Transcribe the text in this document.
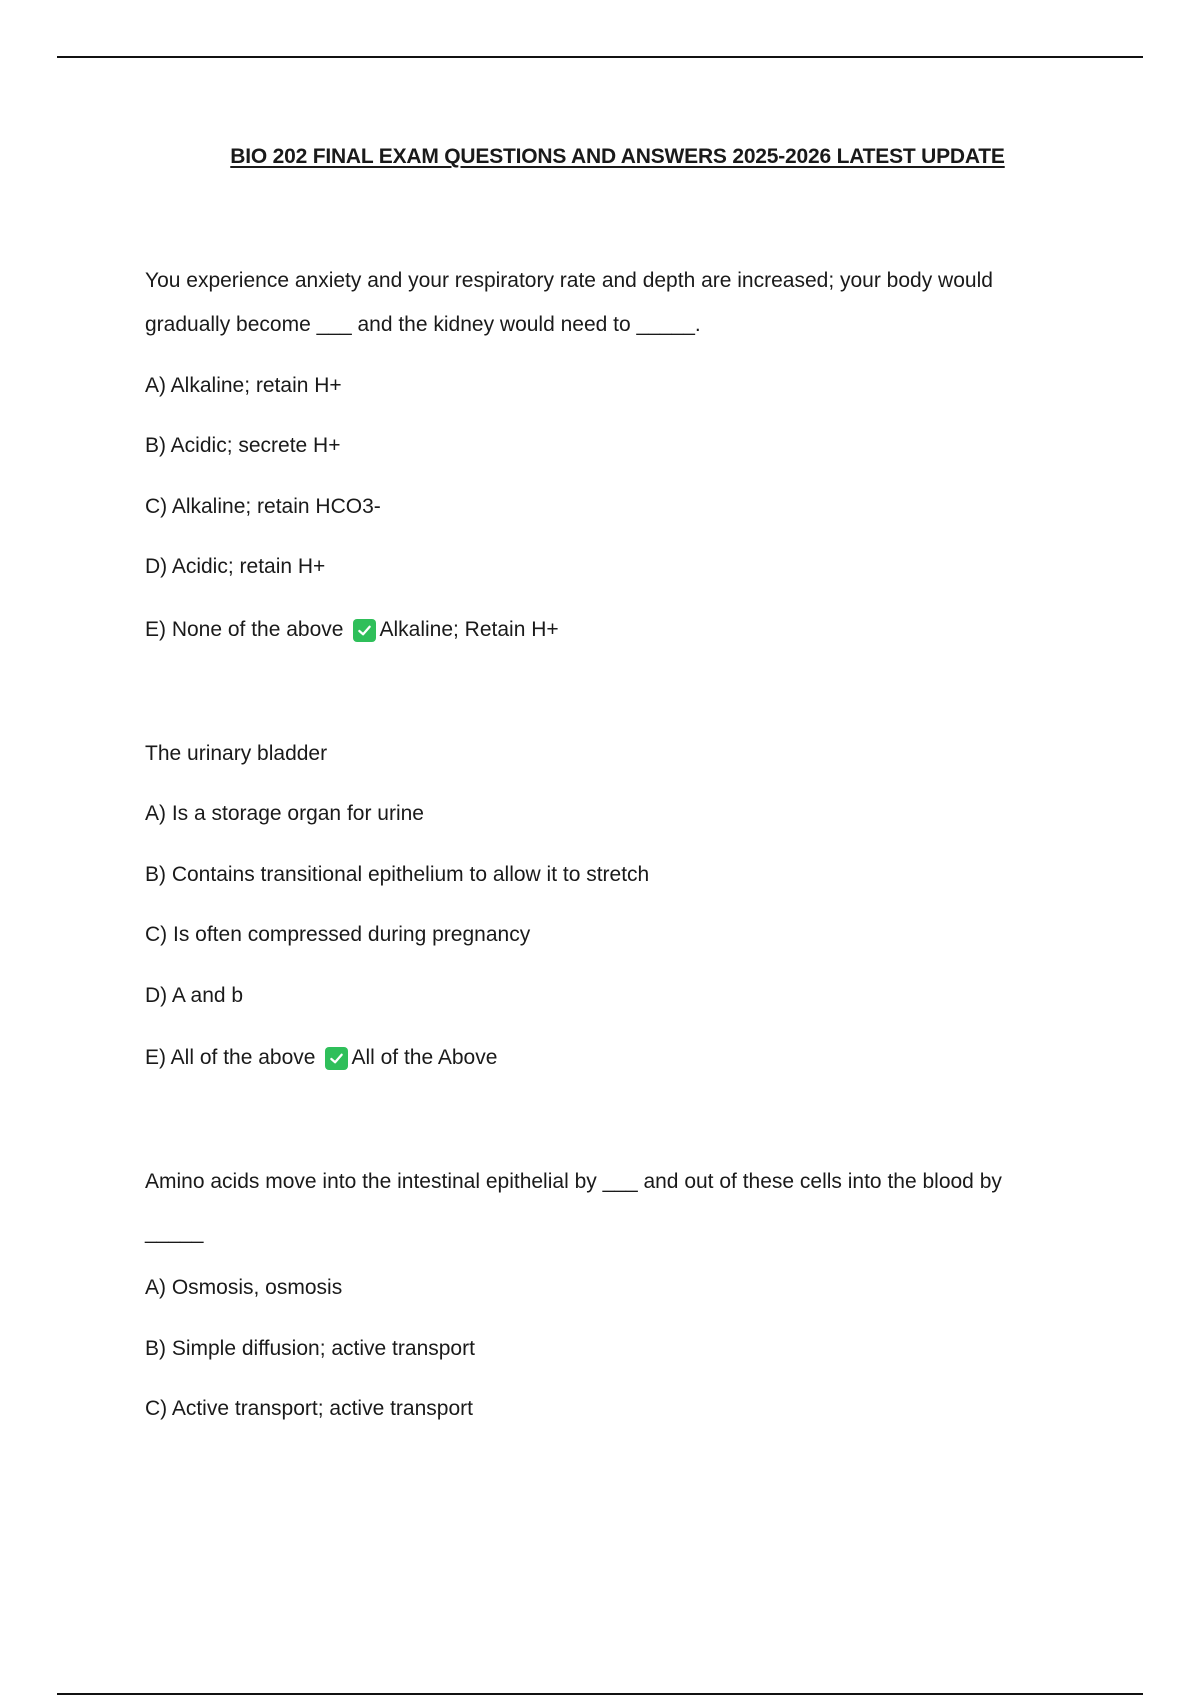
BIO 202 FINAL EXAM QUESTIONS AND ANSWERS 2025-2026 LATEST UPDATE
You experience anxiety and your respiratory rate and depth are increased; your body would
gradually become ___ and the kidney would need to _____.
A) Alkaline; retain H+
B) Acidic; secrete H+
C) Alkaline; retain HCO3-
D) Acidic; retain H+
E) None of the above Alkaline; Retain H+
The urinary bladder
A) Is a storage organ for urine
B) Contains transitional epithelium to allow it to stretch
C) Is often compressed during pregnancy
D) A and b
E) All of the above All of the Above
Amino acids move into the intestinal epithelial by ___ and out of these cells into the blood by
_____
A) Osmosis, osmosis
B) Simple diffusion; active transport
C) Active transport; active transport
